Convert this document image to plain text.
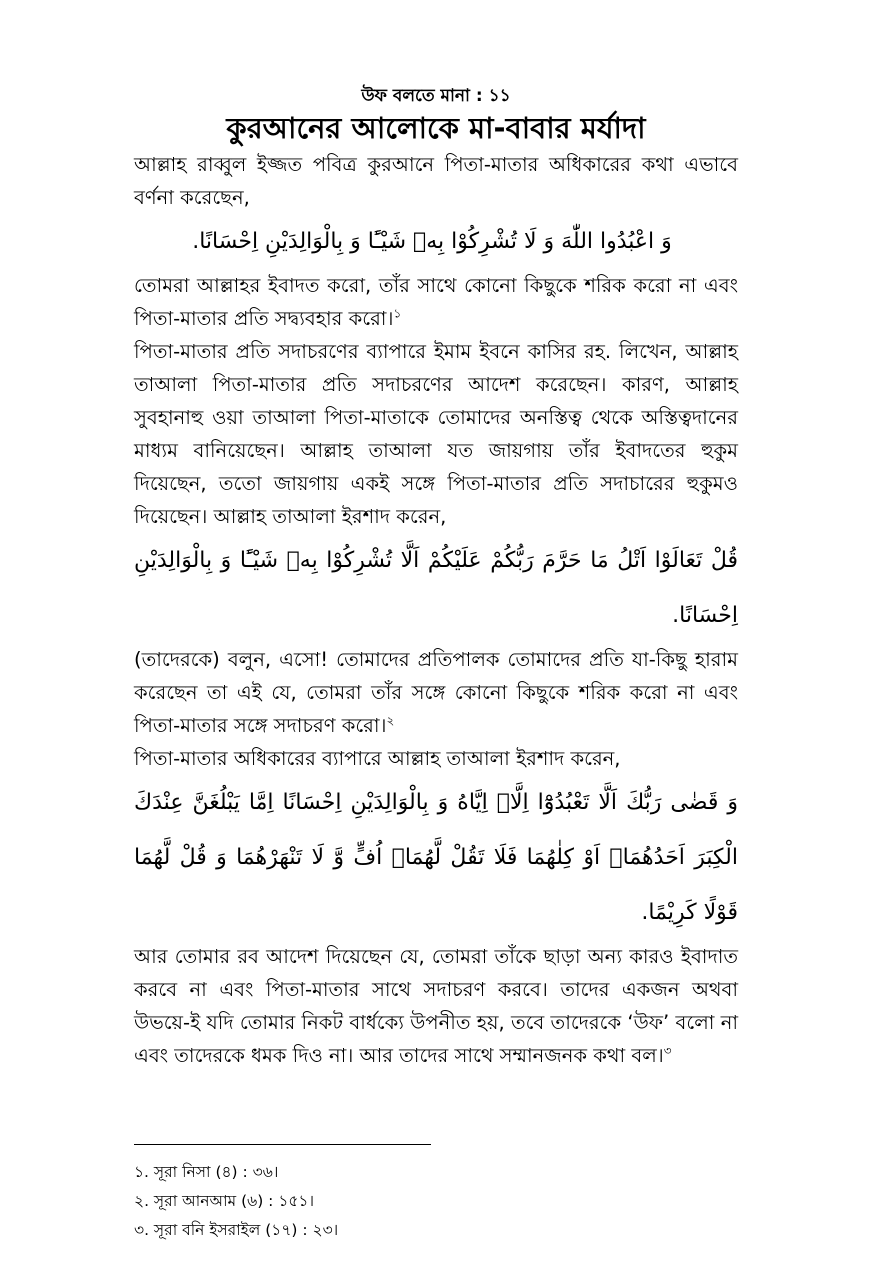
উফ বলতে মানা : ১১
কুরআনের আলোকে মা-বাবার মর্যাদা

আল্লাহ রাব্বুল ইজ্জত পবিত্র কুরআনে পিতা-মাতার অধিকারের কথা এভাবে বর্ণনা করেছেন,

وَ اعْبُدُوا اللّٰهَ وَ لَا تُشْرِكُوْا بِهٖ شَيْـًٔا وَ بِالْوَالِدَيْنِ اِحْسَانًا.

তোমরা আল্লাহর ইবাদত করো, তাঁর সাথে কোনো কিছুকে শরিক করো না এবং পিতা-মাতার প্রতি সদ্ব্যবহার করো।$^১$

পিতা-মাতার প্রতি সদাচরণের ব্যাপারে ইমাম ইবনে কাসির রহ. লিখেন, আল্লাহ তাআলা পিতা-মাতার প্রতি সদাচরণের আদেশ করেছেন। কারণ, আল্লাহ সুবহানাহু ওয়া তাআলা পিতা-মাতাকে তোমাদের অনস্তিত্ব থেকে অস্তিত্বদানের মাধ্যম বানিয়েছেন। আল্লাহ তাআলা যত জায়গায় তাঁর ইবাদতের হুকুম দিয়েছেন, ততো জায়গায় একই সঙ্গে পিতা-মাতার প্রতি সদাচারের হুকুমও দিয়েছেন। আল্লাহ তাআলা ইরশাদ করেন,

قُلْ تَعَالَوْا اَتْلُ مَا حَرَّمَ رَبُّكُمْ عَلَيْكُمْ اَلَّا تُشْرِكُوْا بِهٖ شَيْـًٔا وَ بِالْوَالِدَيْنِ اِحْسَانًا.

(তাদেরকে) বলুন, এসো! তোমাদের প্রতিপালক তোমাদের প্রতি যা-কিছু হারাম করেছেন তা এই যে, তোমরা তাঁর সঙ্গে কোনো কিছুকে শরিক করো না এবং পিতা-মাতার সঙ্গে সদাচরণ করো।$^২$

পিতা-মাতার অধিকারের ব্যাপারে আল্লাহ তাআলা ইরশাদ করেন,

وَ قَضٰى رَبُّكَ اَلَّا تَعْبُدُوْٓا اِلَّاۤ اِيَّاهُ وَ بِالْوَالِدَيْنِ اِحْسَانًا اِمَّا يَبْلُغَنَّ عِنْدَكَ الْكِبَرَ اَحَدُهُمَاۤ اَوْ كِلٰهُمَا فَلَا تَقُلْ لَّهُمَاۤ اُفٍّ وَّ لَا تَنْهَرْهُمَا وَ قُلْ لَّهُمَا قَوْلًا كَرِيْمًا.

আর তোমার রব আদেশ দিয়েছেন যে, তোমরা তাঁকে ছাড়া অন্য কারও ইবাদাত করবে না এবং পিতা-মাতার সাথে সদাচরণ করবে। তাদের একজন অথবা উভয়ে-ই যদি তোমার নিকট বার্ধক্যে উপনীত হয়, তবে তাদেরকে ‘উফ’ বলো না এবং তাদেরকে ধমক দিও না। আর তাদের সাথে সম্মানজনক কথা বল।$^৩$

১. সূরা নিসা (৪) : ৩৬।
২. সূরা আনআম (৬) : ১৫১।
৩. সূরা বনি ইসরাইল (১৭) : ২৩।
